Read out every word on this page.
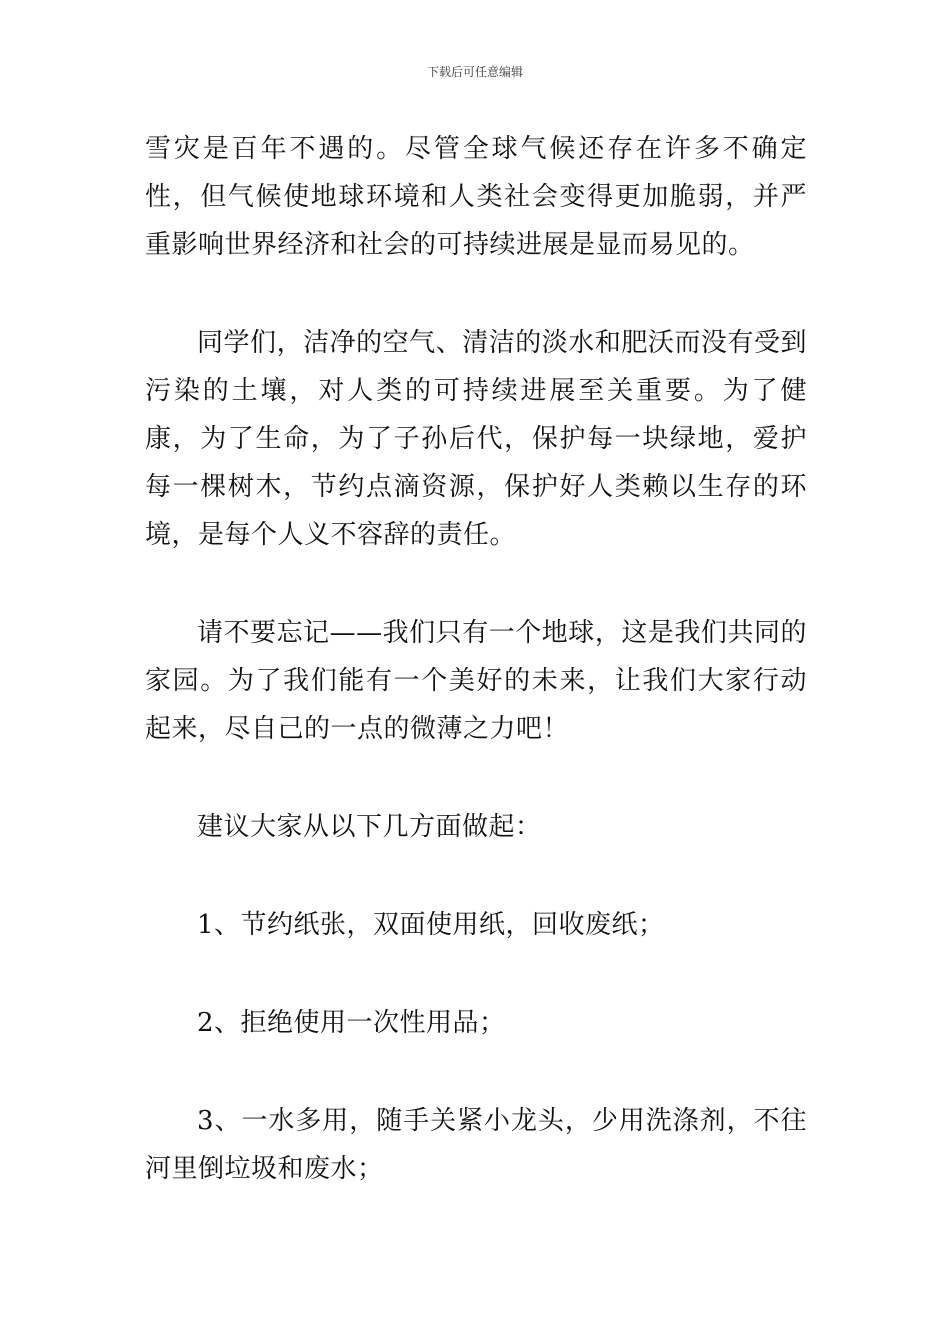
下载后可任意编辑

雪灾是百年不遇的。尽管全球气候还存在许多不确定性，但气候使地球环境和人类社会变得更加脆弱，并严重影响世界经济和社会的可持续进展是显而易见的。

同学们，洁净的空气、清洁的淡水和肥沃而没有受到污染的土壤，对人类的可持续进展至关重要。为了健康，为了生命，为了子孙后代，保护每一块绿地，爱护每一棵树木，节约点滴资源，保护好人类赖以生存的环境，是每个人义不容辞的责任。

请不要忘记——我们只有一个地球，这是我们共同的家园。为了我们能有一个美好的未来，让我们大家行动起来，尽自己的一点的微薄之力吧！

建议大家从以下几方面做起：

1、节约纸张，双面使用纸，回收废纸；

2、拒绝使用一次性用品；

3、一水多用，随手关紧小龙头，少用洗涤剂，不往河里倒垃圾和废水；
